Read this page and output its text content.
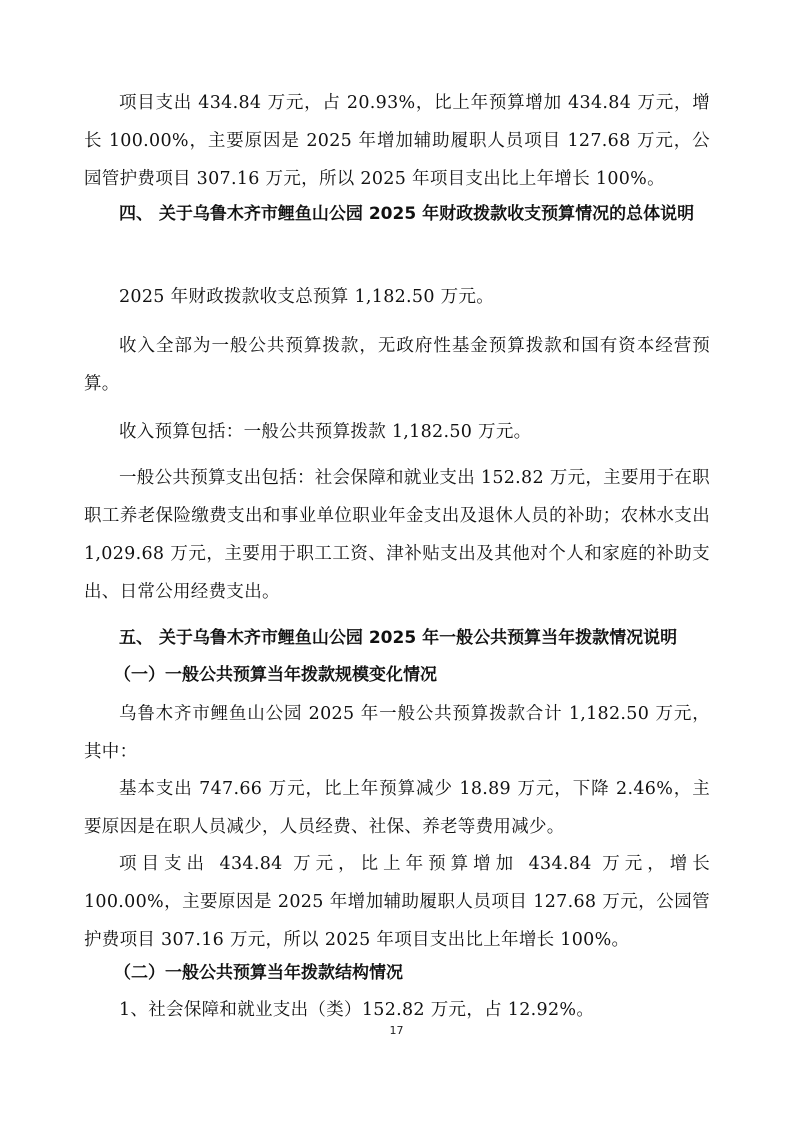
项目支出 434.84 万元，占 20.93%，比上年预算增加 434.84 万元，增长 100.00%，主要原因是 2025 年增加辅助履职人员项目 127.68 万元，公园管护费项目 307.16 万元，所以 2025 年项目支出比上年增长 100%。

四、 关于乌鲁木齐市鲤鱼山公园 2025 年财政拨款收支预算情况的总体说明

2025 年财政拨款收支总预算 1,182.50 万元。

收入全部为一般公共预算拨款，无政府性基金预算拨款和国有资本经营预算。

收入预算包括：一般公共预算拨款 1,182.50 万元。

一般公共预算支出包括：社会保障和就业支出 152.82 万元，主要用于在职职工养老保险缴费支出和事业单位职业年金支出及退休人员的补助；农林水支出 1,029.68 万元，主要用于职工工资、津补贴支出及其他对个人和家庭的补助支出、日常公用经费支出。

五、 关于乌鲁木齐市鲤鱼山公园 2025 年一般公共预算当年拨款情况说明

（一）一般公共预算当年拨款规模变化情况

乌鲁木齐市鲤鱼山公园 2025 年一般公共预算拨款合计 1,182.50 万元，其中：

基本支出 747.66 万元，比上年预算减少 18.89 万元，下降 2.46%，主要原因是在职人员减少，人员经费、社保、养老等费用减少。

项目支出 434.84 万元，比上年预算增加 434.84 万元，增长 100.00%，主要原因是 2025 年增加辅助履职人员项目 127.68 万元，公园管护费项目 307.16 万元，所以 2025 年项目支出比上年增长 100%。

（二）一般公共预算当年拨款结构情况

1、社会保障和就业支出（类）152.82 万元，占 12.92%。

17
